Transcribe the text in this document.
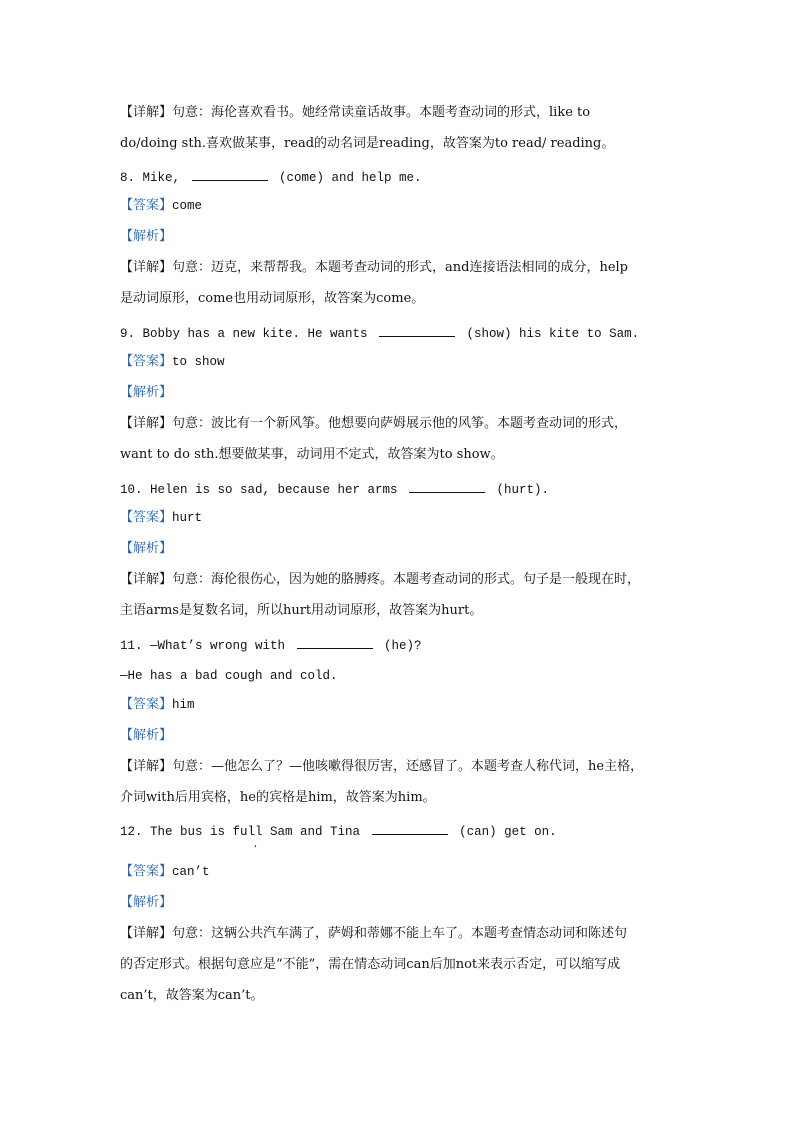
【详解】句意：海伦喜欢看书。她经常读童话故事。本题考查动词的形式，like to
do/doing sth.喜欢做某事，read的动名词是reading，故答案为to read/ reading。
8. Mike,	(come) and help me.
【答案】come
【解析】
【详解】句意：迈克，来帮帮我。本题考查动词的形式，and连接语法相同的成分，help
是动词原形，come也用动词原形，故答案为come。
9. Bobby has a new kite. He wants	(show) his kite to Sam.
【答案】to show
【解析】
【详解】句意：波比有一个新风筝。他想要向萨姆展示他的风筝。本题考查动词的形式，
want to do sth.想要做某事，动词用不定式，故答案为to show。
10. Helen is so sad, because her arms	(hurt).
【答案】hurt
【解析】
【详解】句意：海伦很伤心，因为她的胳膊疼。本题考查动词的形式。句子是一般现在时，
主语arms是复数名词，所以hurt用动词原形，故答案为hurt。
11. —What’s wrong with	(he)?
—He has a bad cough and cold.
【答案】him
【解析】
【详解】句意：—他怎么了？—他咳嗽得很厉害，还感冒了。本题考查人称代词，he主格，
介词with后用宾格，he的宾格是him，故答案为him。
12. The bus is full Sam and Tina	(can) get on.
,
【答案】can’t
【解析】
【详解】句意：这辆公共汽车满了，萨姆和蒂娜不能上车了。本题考查情态动词和陈述句
的否定形式。根据句意应是“不能”，需在情态动词can后加not来表示否定，可以缩写成
can’t，故答案为can’t。
